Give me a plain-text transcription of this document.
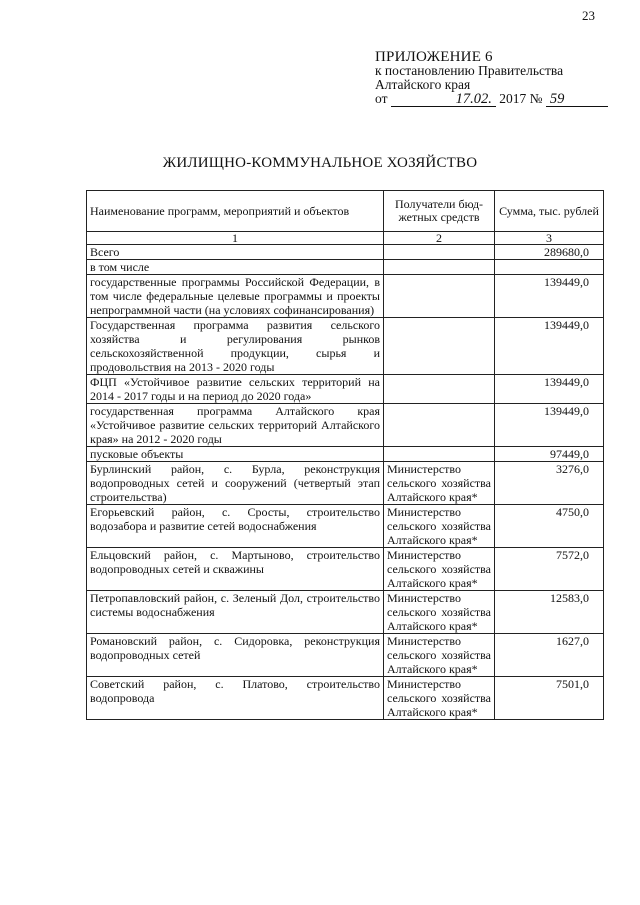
23
ПРИЛОЖЕНИЕ 6
к постановлению Правительства
Алтайского края
от	17.02. 2017 № 59
ЖИЛИЩНО-КОММУНАЛЬНОЕ ХОЗЯЙСТВО
Наименование программ, мероприятий и объектов	Получатели бюд-жетных средств	Сумма, тыс. рублей
1	2	3
Всего		289680,0
в том числе		
государственные программы Российской Федерации, в том числе федеральные целевые программы и проекты непрограммной части (на условиях софинансирования)		139449,0
Государственная программа развития сельского хозяйства и регулирования рынков сельскохозяйственной продукции, сырья и продовольствия на 2013 - 2020 годы		139449,0
ФЦП «Устойчивое развитие сельских территорий на 2014 - 2017 годы и на период до 2020 года»		139449,0
государственная программа Алтайского края «Устойчивое развитие сельских территорий Алтайского края» на 2012 - 2020 годы		139449,0
пусковые объекты		97449,0
Бурлинский район, с. Бурла, реконструкция водопроводных сетей и сооружений (четвертый этап строительства)	Министерство сельского хозяйства Алтайского края*	3276,0
Егорьевский район, с. Сросты, строительство водозабора и развитие сетей водоснабжения	Министерство сельского хозяйства Алтайского края*	4750,0
Ельцовский район, с. Мартыново, строительство водопроводных сетей и скважины	Министерство сельского хозяйства Алтайского края*	7572,0
Петропавловский район, с. Зеленый Дол, строительство системы водоснабжения	Министерство сельского хозяйства Алтайского края*	12583,0
Романовский район, с. Сидоровка, реконструкция водопроводных сетей	Министерство сельского хозяйства Алтайского края*	1627,0
Советский район, с. Платово, строительство водопровода	Министерство сельского хозяйства Алтайского края*	7501,0
